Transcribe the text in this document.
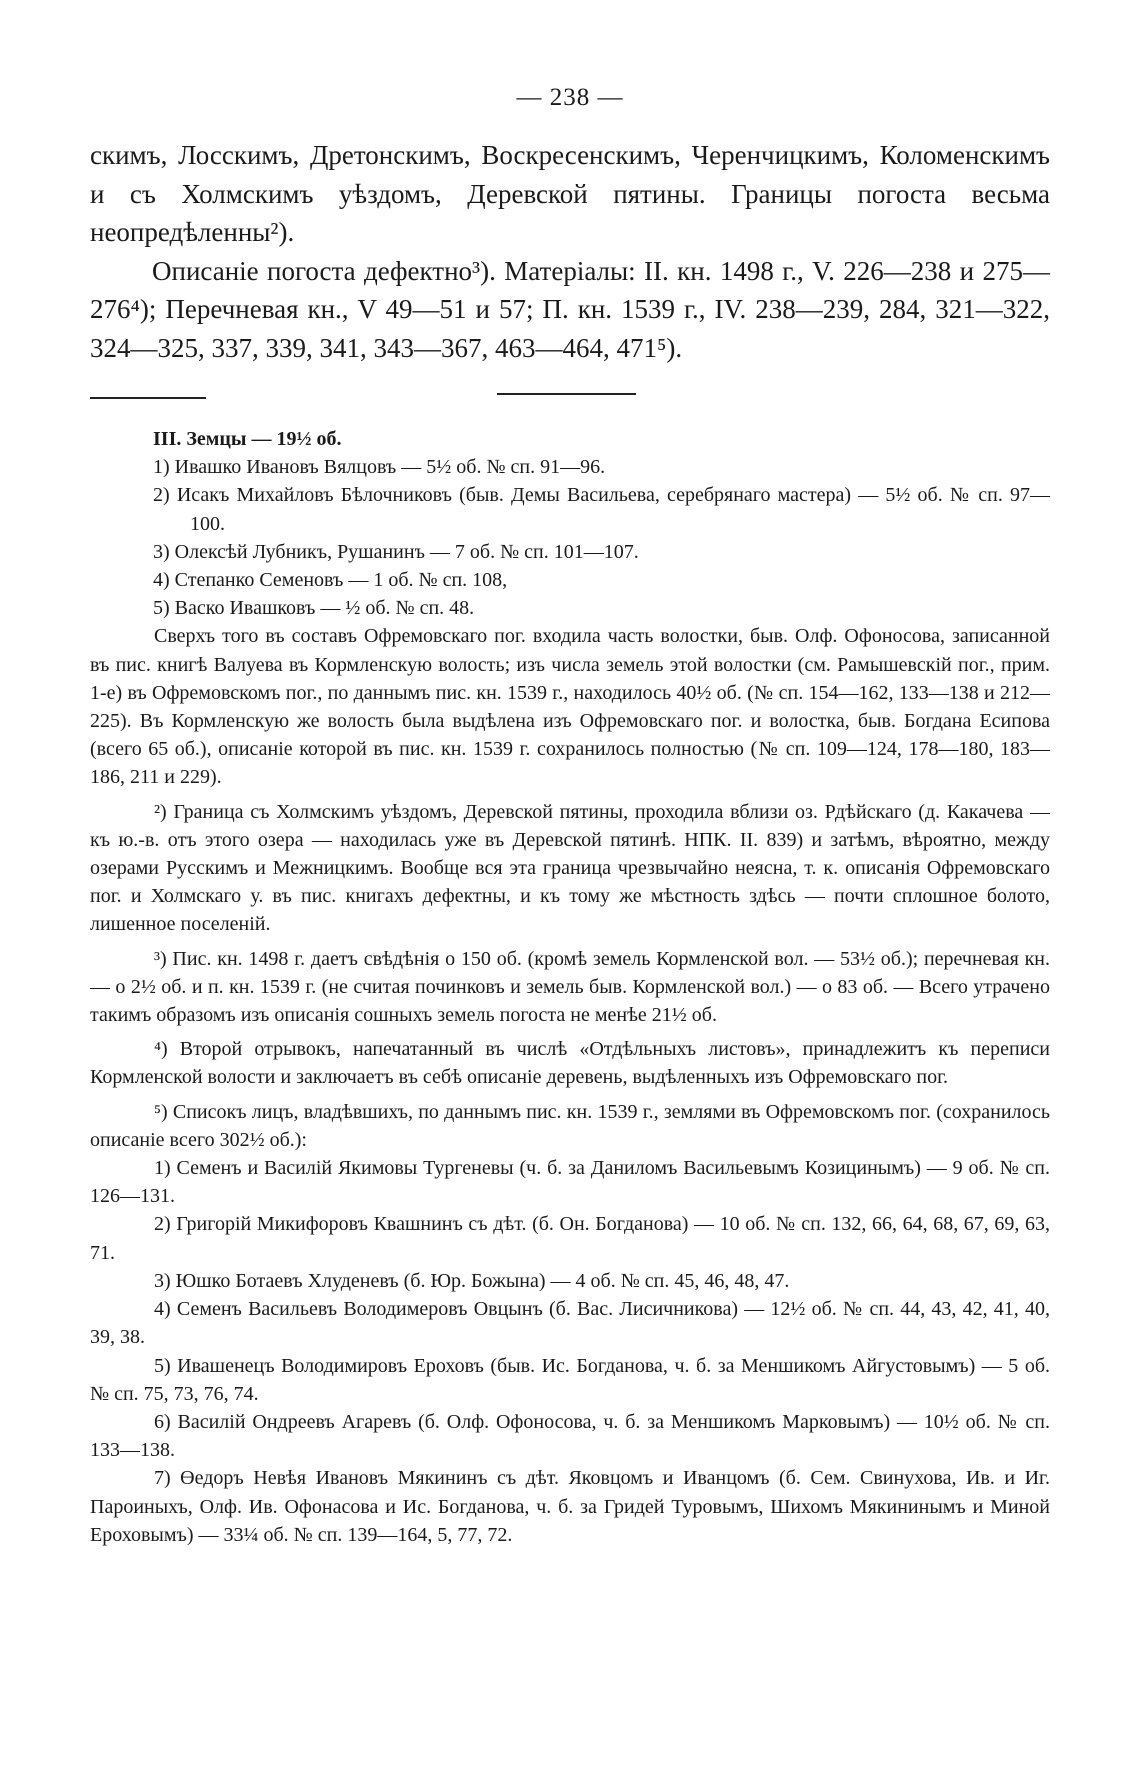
— 238 —

скимъ, Лосскимъ, Дретонскимъ, Воскресенскимъ, Черенчицкимъ, Коломенскимъ и съ Холмскимъ уѣздомъ, Деревской пятины. Границы погоста весьма неопредѣленны²).

Описаніе погоста дефектно³). Матеріалы: II. кн. 1498 г., V. 226—238 и 275—276⁴); Перечневая кн., V 49—51 и 57; П. кн. 1539 г., IV. 238—239, 284, 321—322, 324—325, 337, 339, 341, 343—367, 463—464, 471⁵).

III. Земцы — 19½ об.

1) Ивашко Ивановъ Вялцовъ — 5½ об. № сп. 91—96.

2) Исакъ Михайловъ Бѣлочниковъ (быв. Демы Васильева, серебрянаго мастера) — 5½ об. № сп. 97—100.

3) Олексѣй Лубникъ, Рушанинъ — 7 об. № сп. 101—107.

4) Степанко Семеновъ — 1 об. № сп. 108,

5) Васко Ивашковъ — ½ об. № сп. 48.

Сверхъ того въ составъ Офремовскаго пог. входила часть волостки, быв. Олф. Офоносова, записанной въ пис. книгѣ Валуева въ Кормленскую волость; изъ числа земель этой волостки (см. Рамышевскій пог., прим. 1-е) въ Офремовскомъ пог., по даннымъ пис. кн. 1539 г., находилось 40½ об. (№ сп. 154—162, 133—138 и 212—225). Въ Кормленскую же волость была выдѣлена изъ Офремовскаго пог. и волостка, быв. Богдана Есипова (всего 65 об.), описаніе которой въ пис. кн. 1539 г. сохранилось полностью (№ сп. 109—124, 178—180, 183—186, 211 и 229).

²) Граница съ Холмскимъ уѣздомъ, Деревской пятины, проходила вблизи оз. Рдѣйскаго (д. Какачева — къ ю.-в. отъ этого озера — находилась уже въ Деревской пятинѣ. НПК. II. 839) и затѣмъ, вѣроятно, между озерами Русскимъ и Межницкимъ. Вообще вся эта граница чрезвычайно неясна, т. к. описанія Офремовскаго пог. и Холмскаго у. въ пис. книгахъ дефектны, и къ тому же мѣстность здѣсь — почти сплошное болото, лишенное поселеній.

³) Пис. кн. 1498 г. даетъ свѣдѣнія о 150 об. (кромѣ земель Кормленской вол. — 53½ об.); перечневая кн. — о 2½ об. и п. кн. 1539 г. (не считая починковъ и земель быв. Кормленской вол.) — о 83 об. — Всего утрачено такимъ образомъ изъ описанія сошныхъ земель погоста не менѣе 21½ об.

⁴) Второй отрывокъ, напечатанный въ числѣ «Отдѣльныхъ листовъ», принадлежитъ къ переписи Кормленской волости и заключаетъ въ себѣ описаніе деревень, выдѣленныхъ изъ Офремовскаго пог.

⁵) Списокъ лицъ, владѣвшихъ, по даннымъ пис. кн. 1539 г., землями въ Офремовскомъ пог. (сохранилось описаніе всего 302½ об.):

1) Семенъ и Василій Якимовы Тургеневы (ч. б. за Даниломъ Васильевымъ Козицинымъ) — 9 об. № сп. 126—131.

2) Григорій Микифоровъ Квашнинъ съ дѣт. (б. Он. Богданова) — 10 об. № сп. 132, 66, 64, 68, 67, 69, 63, 71.

3) Юшко Ботаевъ Хлуденевъ (б. Юр. Божына) — 4 об. № сп. 45, 46, 48, 47.

4) Семенъ Васильевъ Володимеровъ Овцынъ (б. Вас. Лисичникова) — 12½ об. № сп. 44, 43, 42, 41, 40, 39, 38.

5) Ивашенецъ Володимировъ Ероховъ (быв. Ис. Богданова, ч. б. за Меншикомъ Айгустовымъ) — 5 об. № сп. 75, 73, 76, 74.

6) Василій Ондреевъ Агаревъ (б. Олф. Офоносова, ч. б. за Меншикомъ Марковымъ) — 10½ об. № сп. 133—138.

7) Өедоръ Невѣя Ивановъ Мякининъ съ дѣт. Яковцомъ и Иванцомъ (б. Сем. Свинухова, Ив. и Иг. Пароиныхъ, Олф. Ив. Офонасова и Ис. Богданова, ч. б. за Гридей Туровымъ, Шихомъ Мякининымъ и Миной Ероховымъ) — 33¼ об. № сп. 139—164, 5, 77, 72.
